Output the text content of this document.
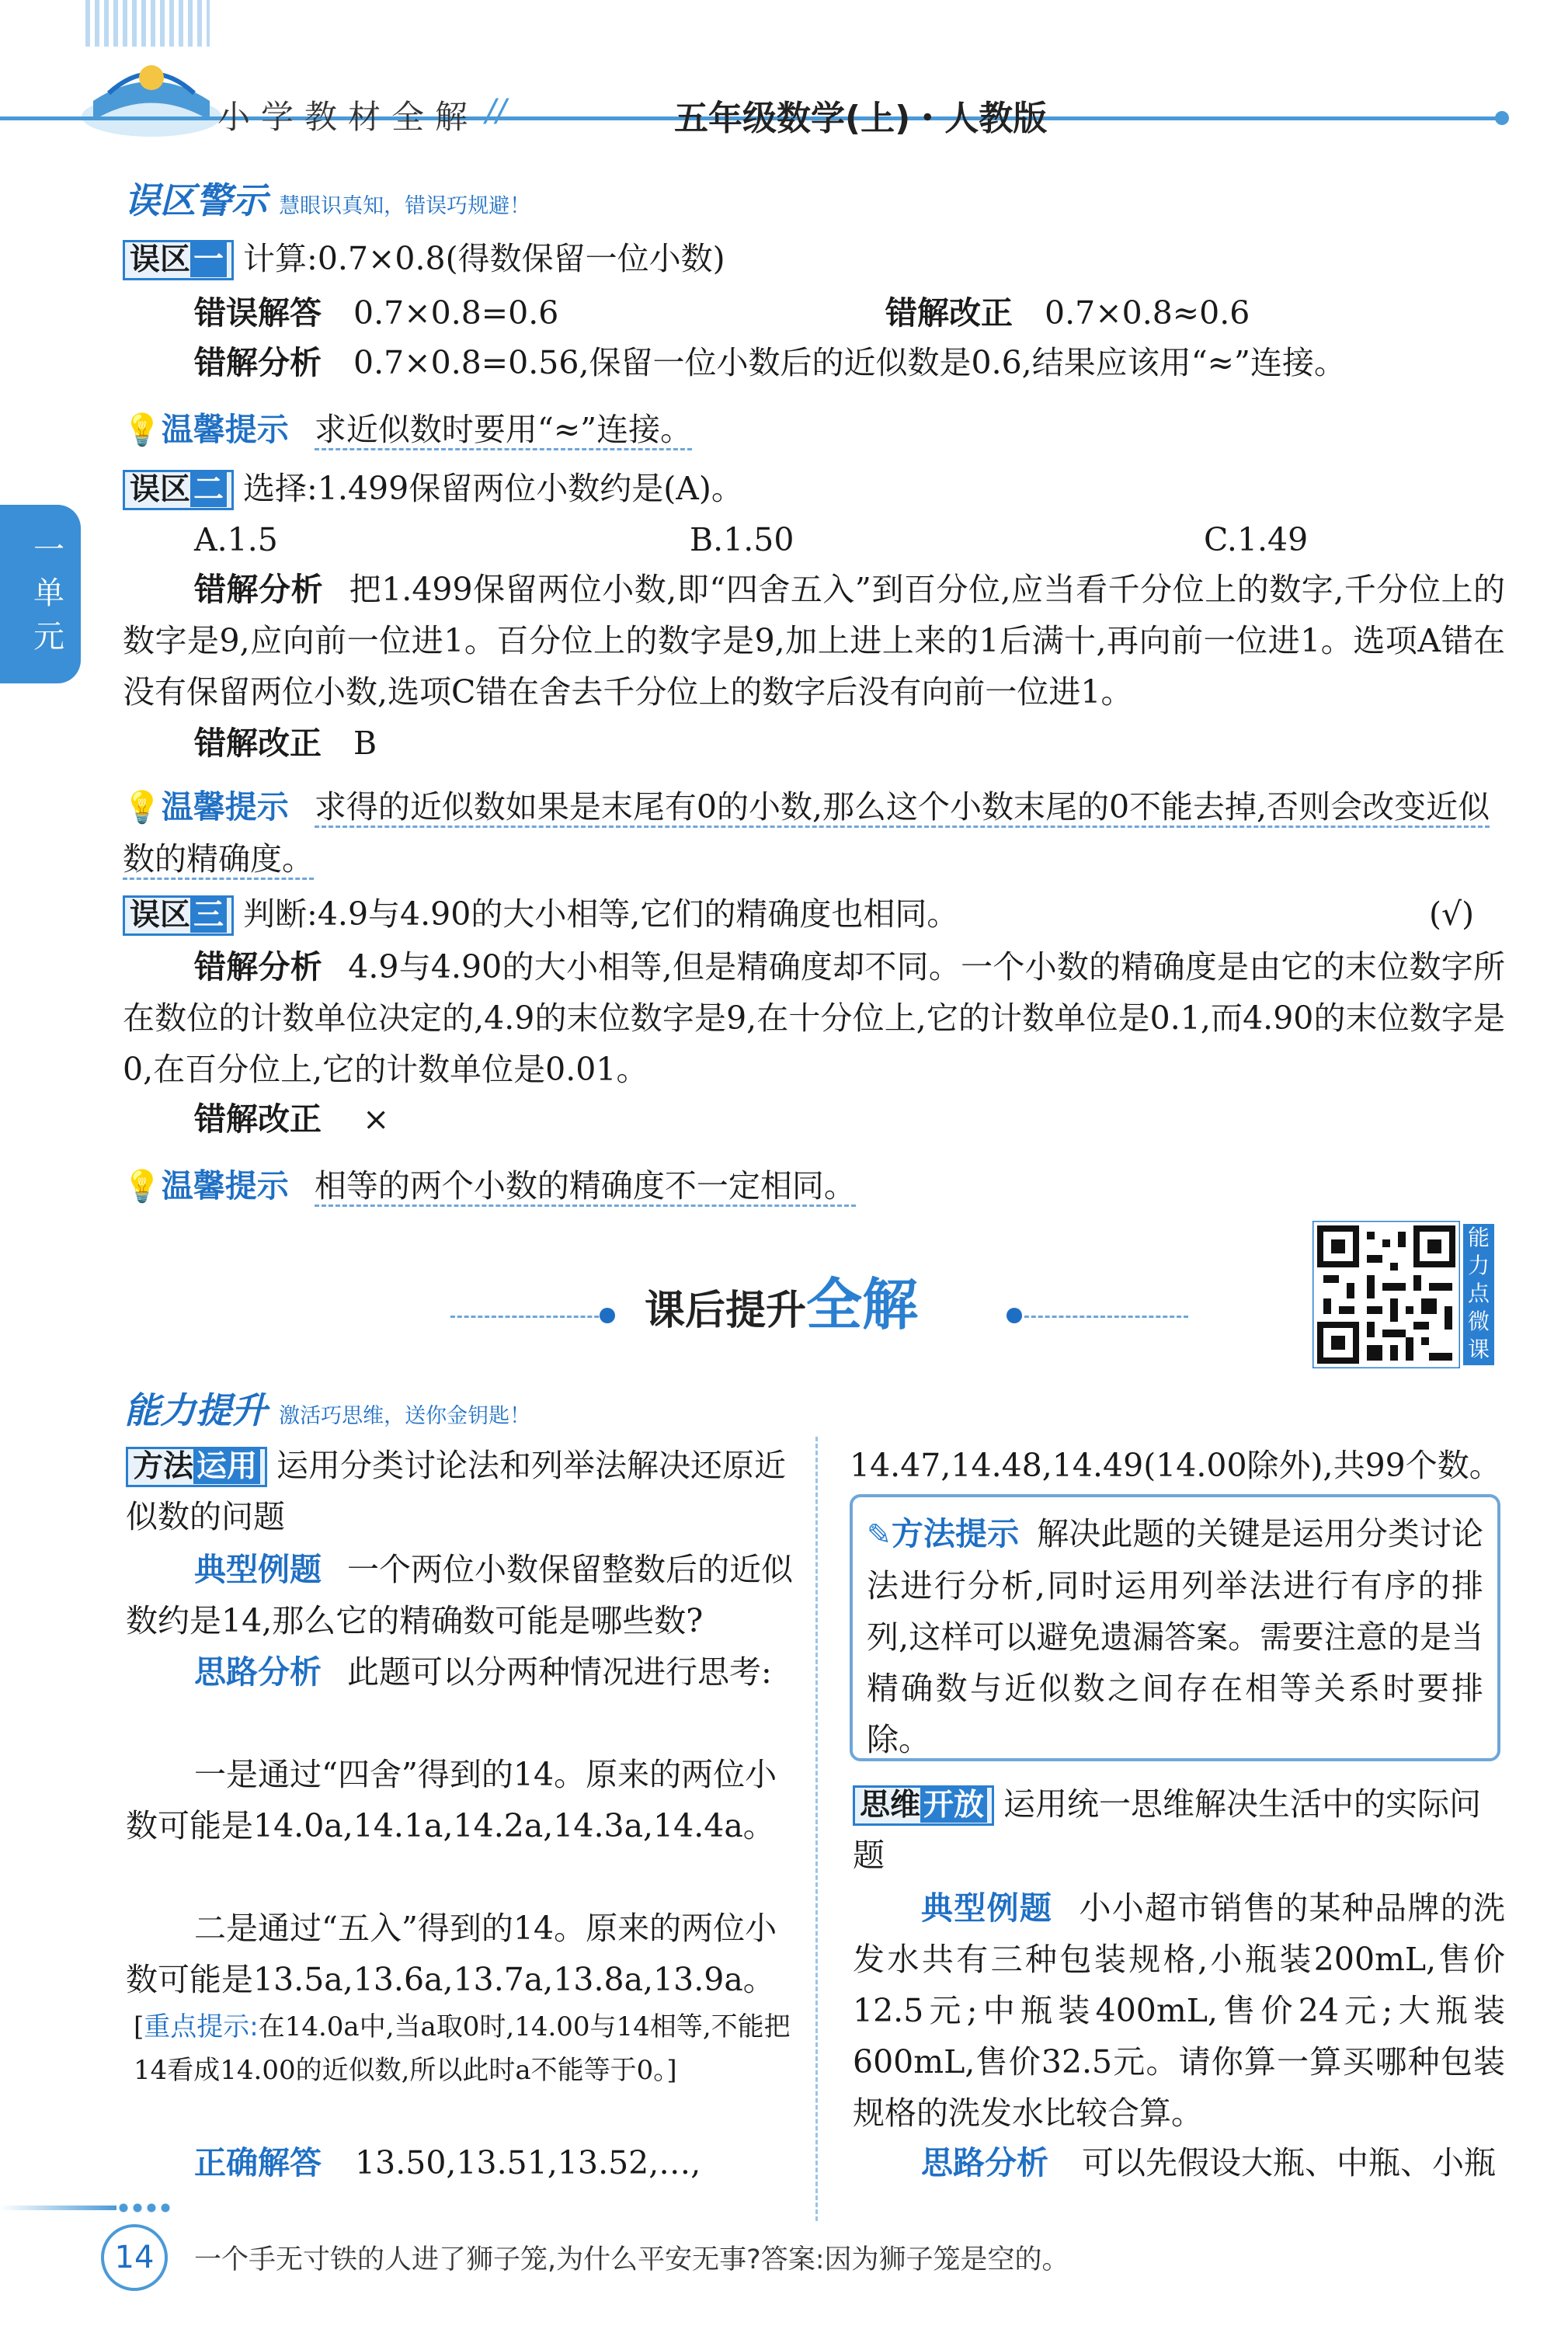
小学教材全解 //	五年级数学(上)・人教版
一单元
误区警示 慧眼识真知，错误巧规避！
误区 一 计算:0.7×0.8(得数保留一位小数)
错误解答 0.7×0.8=0.6	错解改正 0.7×0.8≈0.6
错解分析 0.7×0.8=0.56,保留一位小数后的近似数是0.6,结果应该用“≈”连接。
💡温馨提示 求近似数时要用“≈”连接。
误区 二 选择:1.499保留两位小数约是(A)。
A.1.5	B.1.50	C.1.49
错解分析 把1.499保留两位小数,即“四舍五入”到百分位,应当看千分位上的数字,千分位上的数字是9,应向前一位进1。百分位上的数字是9,加上进上来的1后满十,再向前一位进1。选项A错在没有保留两位小数,选项C错在舍去千分位上的数字后没有向前一位进1。
错解改正 B
💡温馨提示 求得的近似数如果是末尾有0的小数,那么这个小数末尾的0不能去掉,否则会改变近似数的精确度。
误区 三 判断:4.9与4.90的大小相等,它们的精确度也相同。	(√)
错解分析 4.9与4.90的大小相等,但是精确度却不同。一个小数的精确度是由它的末位数字所在数位的计数单位决定的,4.9的末位数字是9,在十分位上,它的计数单位是0.1,而4.90的末位数字是0,在百分位上,它的计数单位是0.01。
错解改正 ×
💡温馨提示 相等的两个小数的精确度不一定相同。
课后提升全解
能力点微课
能力提升 激活巧思维，送你金钥匙！
方法 运用 运用分类讨论法和列举法解决还原近似数的问题
典型例题 一个两位小数保留整数后的近似数约是14,那么它的精确数可能是哪些数?
思路分析 此题可以分两种情况进行思考:
一是通过“四舍”得到的14。原来的两位小数可能是14.0a,14.1a,14.2a,14.3a,14.4a。
二是通过“五入”得到的14。原来的两位小数可能是13.5a,13.6a,13.7a,13.8a,13.9a。
[重点提示:在14.0a中,当a取0时,14.00与14相等,不能把14看成14.00的近似数,所以此时a不能等于0。]
正确解答 13.50,13.51,13.52,…,
14.47,14.48,14.49(14.00除外),共99个数。
✎方法提示 解决此题的关键是运用分类讨论法进行分析,同时运用列举法进行有序的排列,这样可以避免遗漏答案。需要注意的是当精确数与近似数之间存在相等关系时要排除。
思维 开放 运用统一思维解决生活中的实际问题
典型例题 小小超市销售的某种品牌的洗发水共有三种包装规格,小瓶装200mL,售价12.5元;中瓶装400mL,售价24元;大瓶装600mL,售价32.5元。请你算一算买哪种包装规格的洗发水比较合算。
思路分析 可以先假设大瓶、中瓶、小瓶
14	一个手无寸铁的人进了狮子笼,为什么平安无事?答案:因为狮子笼是空的。
